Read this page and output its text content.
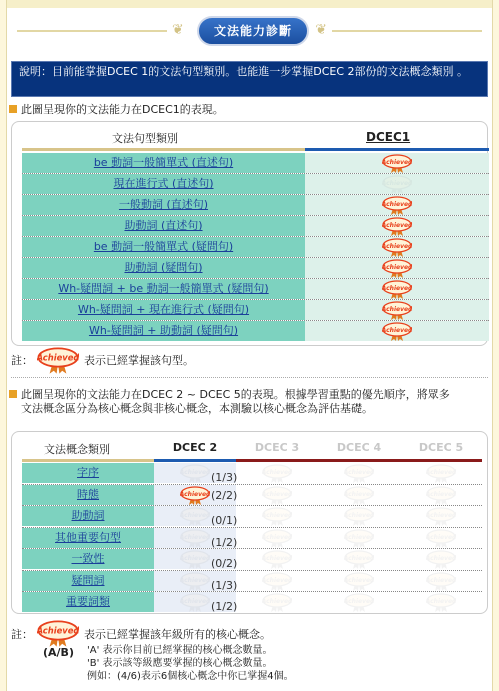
❦	❦
文法能力診斷
說明：目前能掌握DCEC 1的文法句型類別。也能進一步掌握DCEC 2部份的文法概念類別 。
此圖呈現你的文法能力在DCEC1的表現。
文法句型類別	DCEC1
be 動詞一般簡單式 (直述句)	Achieved
現在進行式 (直述句)	Achieved
一般動詞 (直述句)	Achieved
助動詞 (直述句)	Achieved
be 動詞一般簡單式 (疑問句)	Achieved
助動詞 (疑問句)	Achieved
Wh-疑問詞 + be 動詞一般簡單式 (疑問句)	Achieved
Wh-疑問詞 + 現在進行式 (疑問句)	Achieved
Wh-疑問詞 + 助動詞 (疑問句)	Achieved
註： Achieved 表示已經掌握該句型。
此圖呈現你的文法能力在DCEC 2 ~ DCEC 5的表現。根據學習重點的優先順序，將眾多
文法概念區分為核心概念與非核心概念，本測驗以核心概念為評估基礎。
文法概念類別	DCEC 2	DCEC 3	DCEC 4	DCEC 5
字序	Achieved (1/3)	Achieved	Achieved	Achieved
時態	Achieved (2/2)	Achieved	Achieved	Achieved
助動詞	Achieved (0/1)	Achieved	Achieved	Achieved
其他重要句型	Achieved (1/2)	Achieved	Achieved	Achieved
一致性	Achieved (0/2)	Achieved	Achieved	Achieved
疑問詞	Achieved (1/3)	Achieved	Achieved	Achieved
重要詞類	Achieved (1/2)	Achieved	Achieved	Achieved
註： Achieved 表示已經掌握該年級所有的核心概念。
(A/B) 'A' 表示你目前已經掌握的核心概念數量。
'B' 表示該等級應要掌握的核心概念數量。
例如：(4/6)表示6個核心概念中你已掌握4個。
